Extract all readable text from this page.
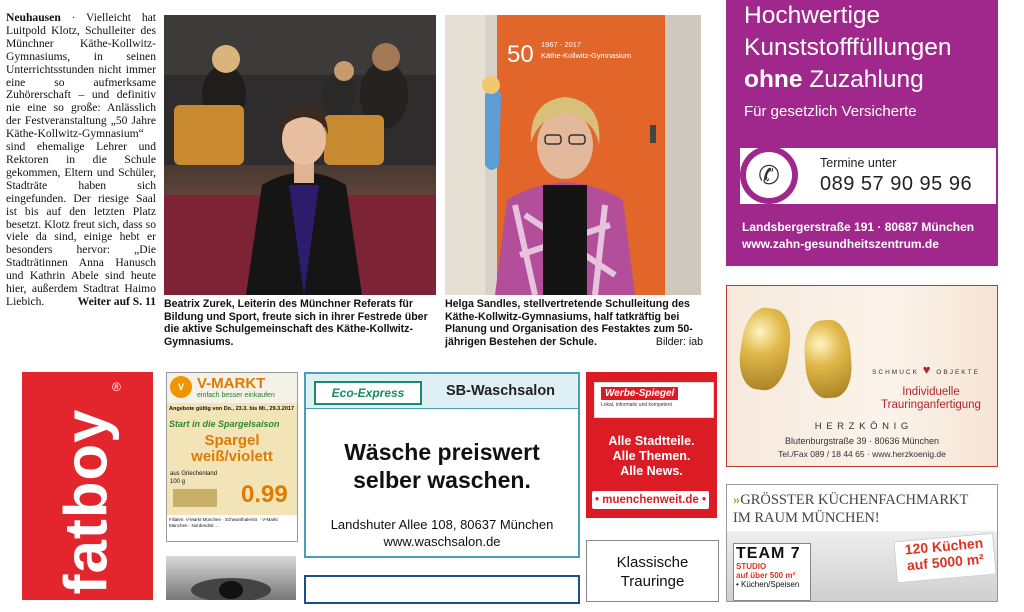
Neuhausen · Vielleicht hat Luitpold Klotz, Schulleiter des Münchner Käthe-Kollwitz-Gymnasiums, in seinen Unterrichtsstunden nicht immer eine so aufmerksame Zuhörerschaft – und definitiv nie eine so große: Anlässlich der Festveranstaltung „50 Jahre Käthe-Kollwitz-Gymnasium“ sind ehemalige Lehrer und Rektoren in die Schule gekommen, Eltern und Schüler, Stadträte haben sich eingefunden. Der riesige Saal ist bis auf den letzten Platz besetzt. Klotz freut sich, dass so viele da sind, einige hebt er besonders hervor: „Die Stadträtinnen Anna Hanusch und Kathrin Abele sind heute hier, außerdem Stadtrat Haimo Liebich.	Weiter auf S. 11
50 1967 - 2017
Käthe-Kollwitz-Gymnasium
Beatrix Zurek, Leiterin des Münchner Referats für Bildung und Sport, freute sich in ihrer Festrede über die aktive Schulgemeinschaft des Käthe-Kollwitz-Gymnasiums.
Helga Sandles, stellvertretende Schulleitung des Käthe-Kollwitz-Gymnasiums, half tatkräftig bei Planung und Organisation des Festaktes zum 50-jährigen Bestehen der Schule.	Bilder: iab
Hochwertige
Kunststofffüllungen
ohne Zuzahlung
Für gesetzlich Versicherte
✆	Termine unter
089 57 90 95 96
Landsbergerstraße 191 · 80687 München
www.zahn-gesundheitszentrum.de
SCHMUCK ♥ OBJEKTE
Individuelle
Trauringanfertigung
H E R Z K Ö N I G
Blutenburgstraße 39 · 80636 München
Tel./Fax 089 / 18 44 65 · www.herzkoenig.de
fatboy
®	V V-MARKT
einfach besser einkaufen
Angebote gültig von Do., 23.3. bis Mi., 29.3.2017
Start in die Spargelsaison
Spargel
weiß/violett
aus Griechenland
100 g 0.99
Filialen: V-Markt München · Schwanthalerstr. · V-Markt München · Nordendstr. ...
Eco-Express	SB-Waschsalon
Wäsche preiswert
selber waschen.
Landshuter Allee 108, 80637 München
www.waschsalon.de
Werbe-Spiegel
Lokal, informativ und kompetent
Alle Stadtteile.
Alle Themen.
Alle News.
• muenchenweit.de •
Klassische
Trauringe
»GRÖSSTER KÜCHENFACHMARKT
IM RAUM MÜNCHEN!
TEAM 7
STUDIO
auf über 500 m²
• Küchen/Speisen
120 Küchen
auf 5000 m²
